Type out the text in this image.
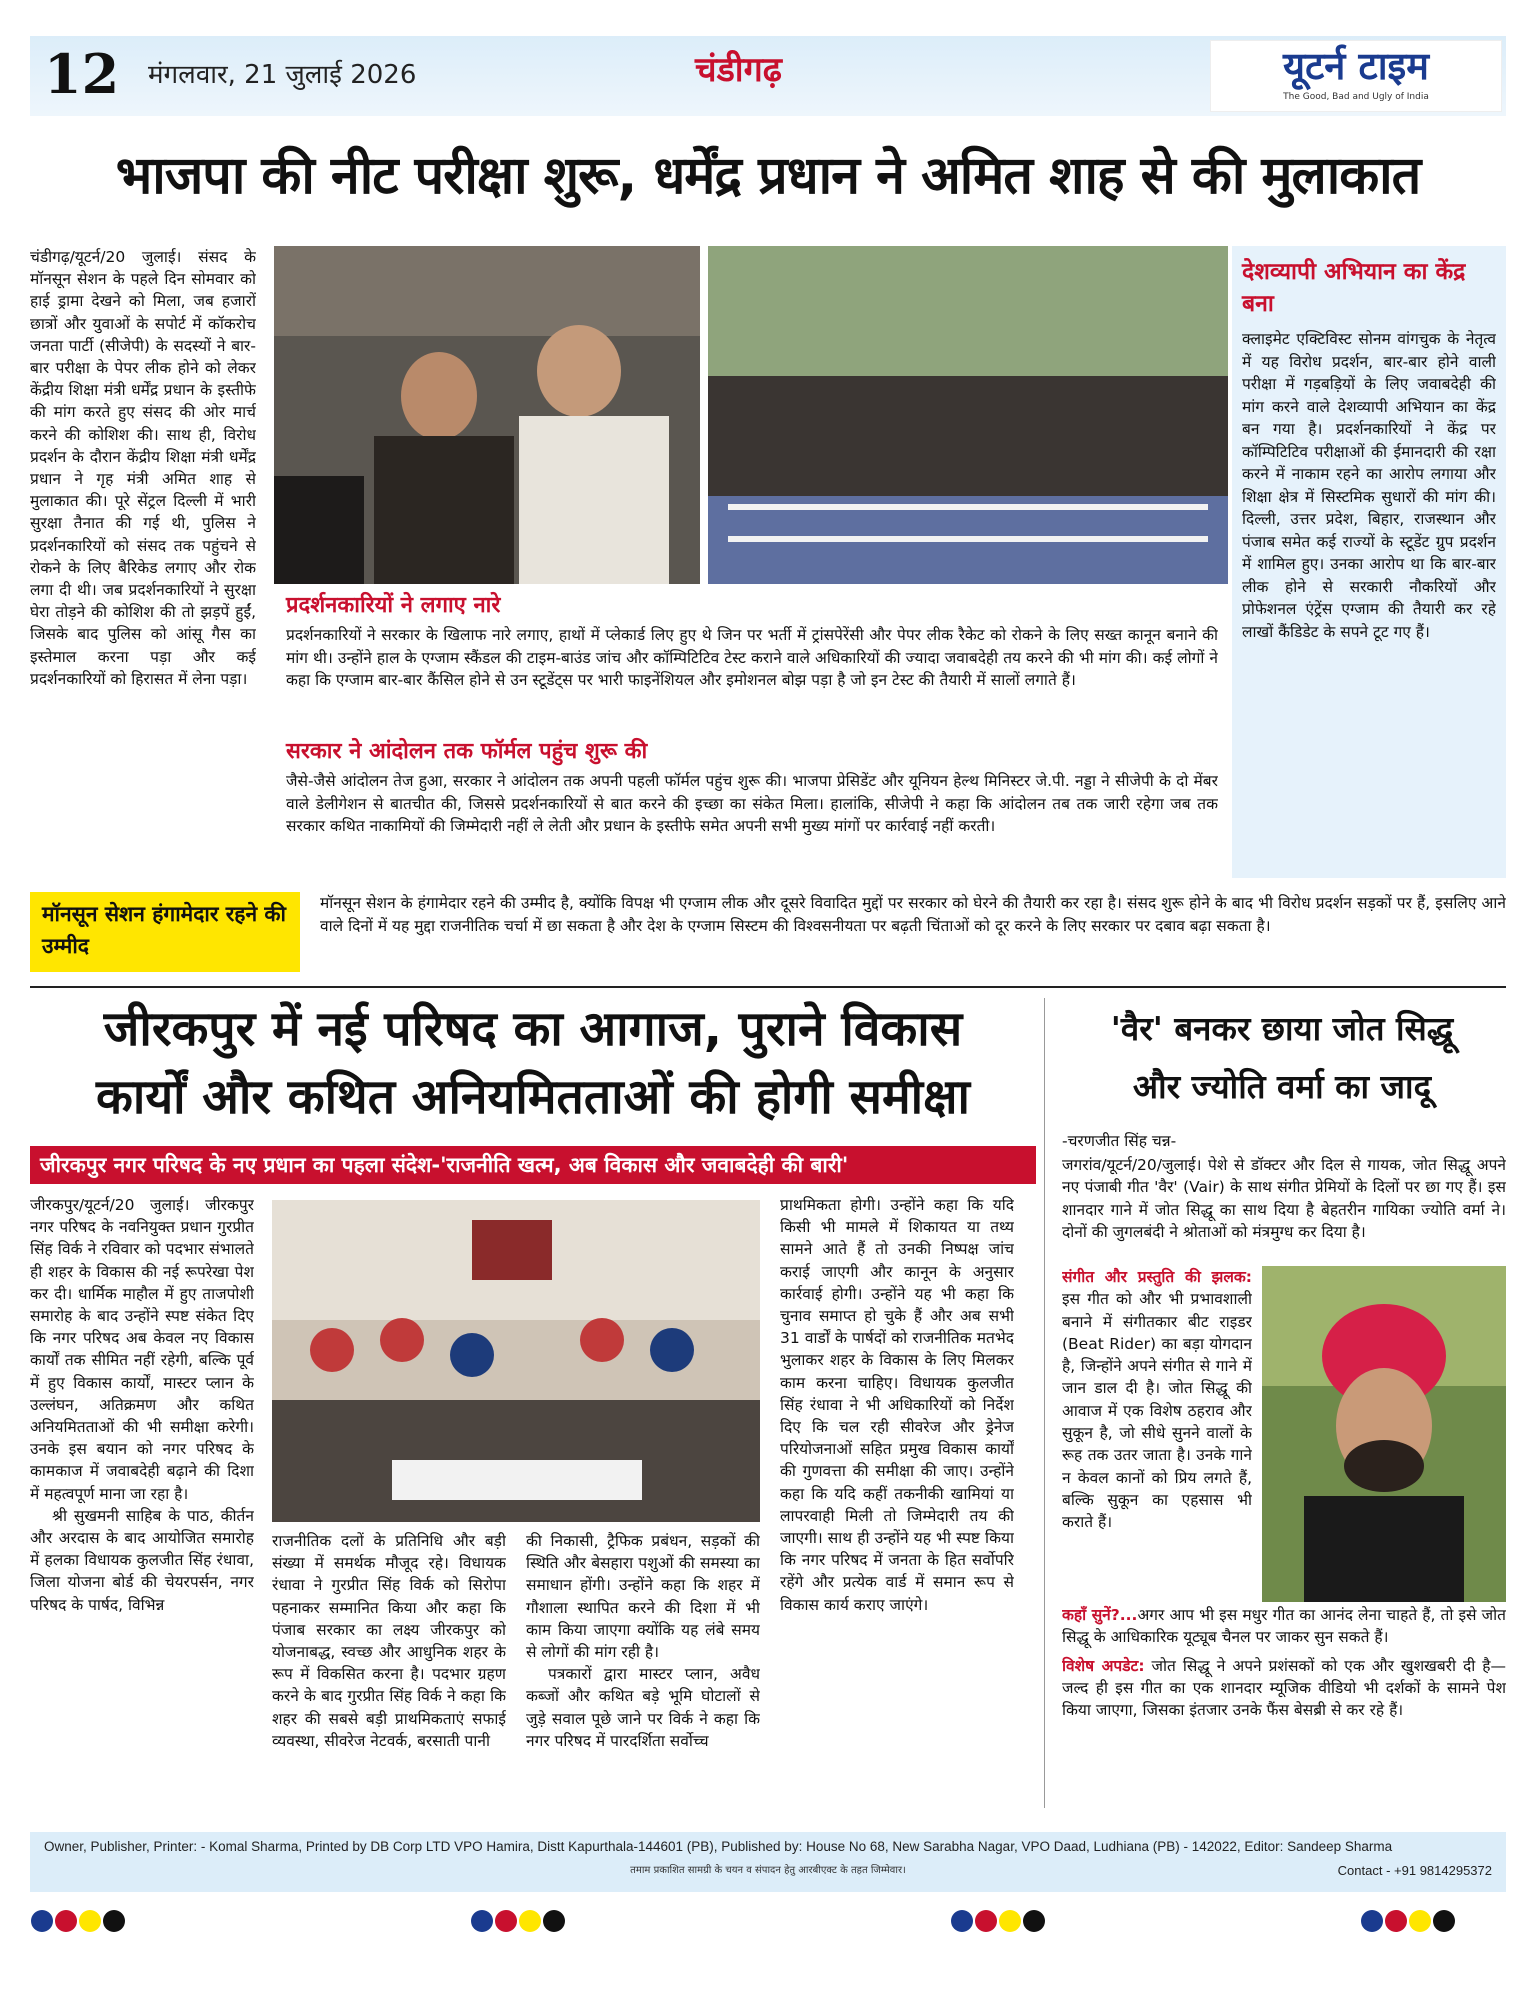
12 मंगलवार, 21 जुलाई 2026	चंडीगढ़	यूटर्न टाइम
The Good, Bad and Ugly of India
भाजपा की नीट परीक्षा शुरू, धर्मेंद्र प्रधान ने अमित शाह से की मुलाकात
चंडीगढ़/यूटर्न/20 जुलाई। संसद के मॉनसून सेशन के पहले दिन सोमवार को हाई ड्रामा देखने को मिला, जब हजारों छात्रों और युवाओं के सपोर्ट में कॉकरोच जनता पार्टी (सीजेपी) के सदस्यों ने बार-बार परीक्षा के पेपर लीक होने को लेकर केंद्रीय शिक्षा मंत्री धर्मेंद्र प्रधान के इस्तीफे की मांग करते हुए संसद की ओर मार्च करने की कोशिश की। साथ ही, विरोध प्रदर्शन के दौरान केंद्रीय शिक्षा मंत्री धर्मेंद्र प्रधान ने गृह मंत्री अमित शाह से मुलाकात की। पूरे सेंट्रल दिल्ली में भारी सुरक्षा तैनात की गई थी, पुलिस ने प्रदर्शनकारियों को संसद तक पहुंचने से रोकने के लिए बैरिकेड लगाए और रोक लगा दी थी। जब प्रदर्शनकारियों ने सुरक्षा घेरा तोड़ने की कोशिश की तो झड़पें हुईं, जिसके बाद पुलिस को आंसू गैस का इस्तेमाल करना पड़ा और कई प्रदर्शनकारियों को हिरासत में लेना पड़ा।
प्रदर्शनकारियों ने लगाए नारे
प्रदर्शनकारियों ने सरकार के खिलाफ नारे लगाए, हाथों में प्लेकार्ड लिए हुए थे जिन पर भर्ती में ट्रांसपेरेंसी और पेपर लीक रैकेट को रोकने के लिए सख्त कानून बनाने की मांग थी। उन्होंने हाल के एग्जाम स्कैंडल की टाइम-बाउंड जांच और कॉम्पिटिटिव टेस्ट कराने वाले अधिकारियों की ज्यादा जवाबदेही तय करने की भी मांग की। कई लोगों ने कहा कि एग्जाम बार-बार कैंसिल होने से उन स्टूडेंट्स पर भारी फाइनेंशियल और इमोशनल बोझ पड़ा है जो इन टेस्ट की तैयारी में सालों लगाते हैं।
सरकार ने आंदोलन तक फॉर्मल पहुंच शुरू की
जैसे-जैसे आंदोलन तेज हुआ, सरकार ने आंदोलन तक अपनी पहली फॉर्मल पहुंच शुरू की। भाजपा प्रेसिडेंट और यूनियन हेल्थ मिनिस्टर जे.पी. नड्डा ने सीजेपी के दो मेंबर वाले डेलीगेशन से बातचीत की, जिससे प्रदर्शनकारियों से बात करने की इच्छा का संकेत मिला। हालांकि, सीजेपी ने कहा कि आंदोलन तब तक जारी रहेगा जब तक सरकार कथित नाकामियों की जिम्मेदारी नहीं ले लेती और प्रधान के इस्तीफे समेत अपनी सभी मुख्य मांगों पर कार्रवाई नहीं करती।
देशव्यापी अभियान का केंद्र बना
क्लाइमेट एक्टिविस्ट सोनम वांगचुक के नेतृत्व में यह विरोध प्रदर्शन, बार-बार होने वाली परीक्षा में गड़बड़ियों के लिए जवाबदेही की मांग करने वाले देशव्यापी अभियान का केंद्र बन गया है। प्रदर्शनकारियों ने केंद्र पर कॉम्पिटिटिव परीक्षाओं की ईमानदारी की रक्षा करने में नाकाम रहने का आरोप लगाया और शिक्षा क्षेत्र में सिस्टमिक सुधारों की मांग की। दिल्ली, उत्तर प्रदेश, बिहार, राजस्थान और पंजाब समेत कई राज्यों के स्टूडेंट ग्रुप प्रदर्शन में शामिल हुए। उनका आरोप था कि बार-बार लीक होने से सरकारी नौकरियों और प्रोफेशनल एंट्रेंस एग्जाम की तैयारी कर रहे लाखों कैंडिडेट के सपने टूट गए हैं।
मॉनसून सेशन हंगामेदार रहने की उम्मीद
मॉनसून सेशन के हंगामेदार रहने की उम्मीद है, क्योंकि विपक्ष भी एग्जाम लीक और दूसरे विवादित मुद्दों पर सरकार को घेरने की तैयारी कर रहा है। संसद शुरू होने के बाद भी विरोध प्रदर्शन सड़कों पर हैं, इसलिए आने वाले दिनों में यह मुद्दा राजनीतिक चर्चा में छा सकता है और देश के एग्जाम सिस्टम की विश्वसनीयता पर बढ़ती चिंताओं को दूर करने के लिए सरकार पर दबाव बढ़ा सकता है।
जीरकपुर में नई परिषद का आगाज, पुराने विकास
कार्यों और कथित अनियमितताओं की होगी समीक्षा
जीरकपुर नगर परिषद के नए प्रधान का पहला संदेश-'राजनीति खत्म, अब विकास और जवाबदेही की बारी'

जीरकपुर/यूटर्न/20 जुलाई। जीरकपुर नगर परिषद के नवनियुक्त प्रधान गुरप्रीत सिंह विर्क ने रविवार को पदभार संभालते ही शहर के विकास की नई रूपरेखा पेश कर दी। धार्मिक माहौल में हुए ताजपोशी समारोह के बाद उन्होंने स्पष्ट संकेत दिए कि नगर परिषद अब केवल नए विकास कार्यों तक सीमित नहीं रहेगी, बल्कि पूर्व में हुए विकास कार्यों, मास्टर प्लान के उल्लंघन, अतिक्रमण और कथित अनियमितताओं की भी समीक्षा करेगी। उनके इस बयान को नगर परिषद के कामकाज में जवाबदेही बढ़ाने की दिशा में महत्वपूर्ण माना जा रहा है।

श्री सुखमनी साहिब के पाठ, कीर्तन और अरदास के बाद आयोजित समारोह में हलका विधायक कुलजीत सिंह रंधावा, जिला योजना बोर्ड की चेयरपर्सन, नगर परिषद के पार्षद, विभिन्न

राजनीतिक दलों के प्रतिनिधि और बड़ी संख्या में समर्थक मौजूद रहे। विधायक रंधावा ने गुरप्रीत सिंह विर्क को सिरोपा पहनाकर सम्मानित किया और कहा कि पंजाब सरकार का लक्ष्य जीरकपुर को योजनाबद्ध, स्वच्छ और आधुनिक शहर के रूप में विकसित करना है। पदभार ग्रहण करने के बाद गुरप्रीत सिंह विर्क ने कहा कि शहर की सबसे बड़ी प्राथमिकताएं सफाई व्यवस्था, सीवरेज नेटवर्क, बरसाती पानी

की निकासी, ट्रैफिक प्रबंधन, सड़कों की स्थिति और बेसहारा पशुओं की समस्या का समाधान होंगी। उन्होंने कहा कि शहर में गौशाला स्थापित करने की दिशा में भी काम किया जाएगा क्योंकि यह लंबे समय से लोगों की मांग रही है।

पत्रकारों द्वारा मास्टर प्लान, अवैध कब्जों और कथित बड़े भूमि घोटालों से जुड़े सवाल पूछे जाने पर विर्क ने कहा कि नगर परिषद में पारदर्शिता सर्वोच्च

प्राथमिकता होगी। उन्होंने कहा कि यदि किसी भी मामले में शिकायत या तथ्य सामने आते हैं तो उनकी निष्पक्ष जांच कराई जाएगी और कानून के अनुसार कार्रवाई होगी। उन्होंने यह भी कहा कि चुनाव समाप्त हो चुके हैं और अब सभी 31 वार्डों के पार्षदों को राजनीतिक मतभेद भुलाकर शहर के विकास के लिए मिलकर काम करना चाहिए। विधायक कुलजीत सिंह रंधावा ने भी अधिकारियों को निर्देश दिए कि चल रही सीवरेज और ड्रेनेज परियोजनाओं सहित प्रमुख विकास कार्यों की गुणवत्ता की समीक्षा की जाए। उन्होंने कहा कि यदि कहीं तकनीकी खामियां या लापरवाही मिली तो जिम्मेदारी तय की जाएगी। साथ ही उन्होंने यह भी स्पष्ट किया कि नगर परिषद में जनता के हित सर्वोपरि रहेंगे और प्रत्येक वार्ड में समान रूप से विकास कार्य कराए जाएंगे।
'वैर' बनकर छाया जोत सिद्धू
और ज्योति वर्मा का जादू
-चरणजीत सिंह चन्न-
जगरांव/यूटर्न/20/जुलाई। पेशे से डॉक्टर और दिल से गायक, जोत सिद्धू अपने नए पंजाबी गीत 'वैर' (Vair) के साथ संगीत प्रेमियों के दिलों पर छा गए हैं। इस शानदार गाने में जोत सिद्धू का साथ दिया है बेहतरीन गायिका ज्योति वर्मा ने। दोनों की जुगलबंदी ने श्रोताओं को मंत्रमुग्ध कर दिया है।
संगीत और प्रस्तुति की झलक: इस गीत को और भी प्रभावशाली बनाने में संगीतकार बीट राइडर (Beat Rider) का बड़ा योगदान है, जिन्होंने अपने संगीत से गाने में जान डाल दी है। जोत सिद्धू की आवाज में एक विशेष ठहराव और सुकून है, जो सीधे सुनने वालों के रूह तक उतर जाता है। उनके गाने न केवल कानों को प्रिय लगते हैं, बल्कि सुकून का एहसास भी कराते हैं।

कहाँ सुनें?...अगर आप भी इस मधुर गीत का आनंद लेना चाहते हैं, तो इसे जोत सिद्धू के आधिकारिक यूट्यूब चैनल पर जाकर सुन सकते हैं।

विशेष अपडेट: जोत सिद्धू ने अपने प्रशंसकों को एक और खुशखबरी दी है— जल्द ही इस गीत का एक शानदार म्यूजिक वीडियो भी दर्शकों के सामने पेश किया जाएगा, जिसका इंतजार उनके फैंस बेसब्री से कर रहे हैं।

Owner, Publisher, Printer: - Komal Sharma, Printed by DB Corp LTD VPO Hamira, Distt Kapurthala-144601 (PB), Published by: House No 68, New Sarabha Nagar, VPO Daad, Ludhiana (PB) - 142022, Editor: Sandeep Sharma
तमाम प्रकाशित सामग्री के चयन व संपादन हेतु आरबीएक्ट के तहत जिम्मेवार।	Contact - +91 9814295372
